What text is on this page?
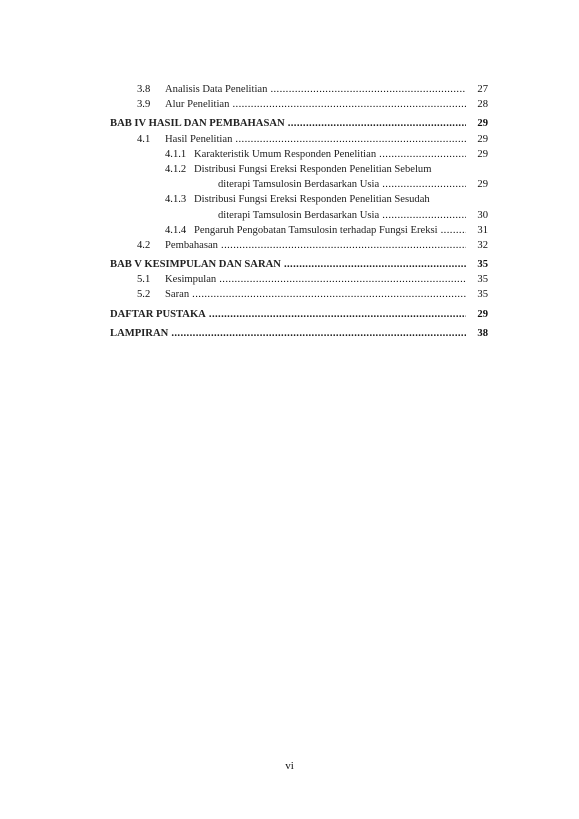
3.8 Analisis Data Penelitian .....	27
3.9 Alur Penelitian .....	28
BAB IV HASIL DAN PEMBAHASAN .....	29
4.1 Hasil Penelitian .....	29
4.1.1 Karakteristik Umum Responden Penelitian .....	29
4.1.2 Distribusi Fungsi Ereksi Responden Penelitian Sebelum
diterapi Tamsulosin Berdasarkan Usia .....	29
4.1.3 Distribusi Fungsi Ereksi Responden Penelitian Sesudah
diterapi Tamsulosin Berdasarkan Usia .....	30
4.1.4 Pengaruh Pengobatan Tamsulosin terhadap Fungsi Ereksi .....	31
4.2 Pembahasan .....	32
BAB V KESIMPULAN DAN SARAN .....	35
5.1 Kesimpulan .....	35
5.2 Saran .....	35
DAFTAR PUSTAKA .....	29
LAMPIRAN .....	38
vi
